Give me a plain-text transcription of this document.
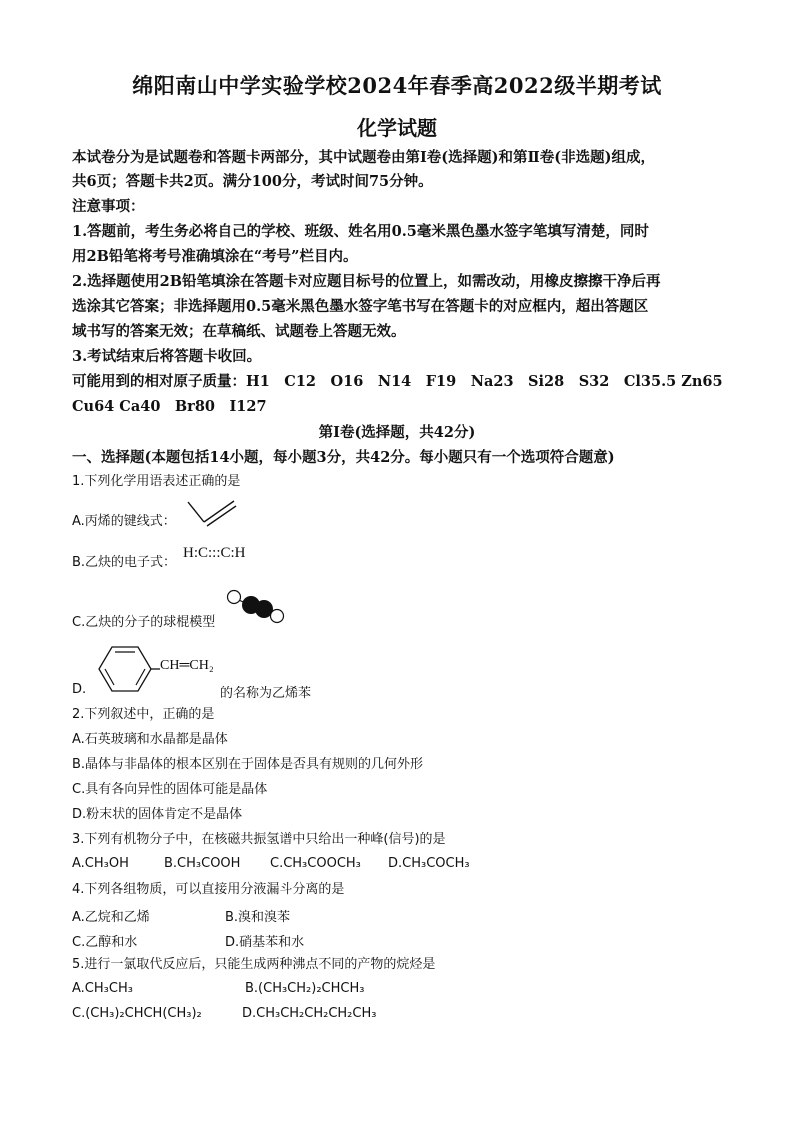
绵阳南山中学实验学校2024年春季高2022级半期考试
化学试题
本试卷分为是试题卷和答题卡两部分，其中试题卷由第Ⅰ卷(选择题)和第Ⅱ卷(非选题)组成，
共6页；答题卡共2页。满分100分，考试时间75分钟。
注意事项：
1.答题前，考生务必将自己的学校、班级、姓名用0.5毫米黑色墨水签字笔填写清楚，同时
用2B铅笔将考号准确填涂在“考号”栏目内。
2.选择题使用2B铅笔填涂在答题卡对应题目标号的位置上，如需改动，用橡皮擦擦干净后再
选涂其它答案；非选择题用0.5毫米黑色墨水签字笔书写在答题卡的对应框内，超出答题区
域书写的答案无效；在草稿纸、试题卷上答题无效。
3.考试结束后将答题卡收回。
可能用到的相对原子质量：H1　C12　O16　N14　F19　Na23　Si28　S32　Cl35.5 Zn65
Cu64 Ca40　Br80　I127
第Ⅰ卷(选择题，共42分)
一、选择题(本题包括14小题，每小题3分，共42分。每小题只有一个选项符合题意)
1.下列化学用语表述正确的是
A.丙烯的键线式：
B.乙炔的电子式：
H:C:::C:H
C.乙炔的分子的球棍模型
D.
CH═CH₂
的名称为乙烯苯
2.下列叙述中，正确的是
A.石英玻璃和水晶都是晶体
B.晶体与非晶体的根本区别在于固体是否具有规则的几何外形
C.具有各向异性的固体可能是晶体
D.粉末状的固体肯定不是晶体
3.下列有机物分子中，在核磁共振氢谱中只给出一种峰(信号)的是
A.CH₃OH	B.CH₃COOH C.CH₃COOCH₃ D.CH₃COCH₃
4.下列各组物质，可以直接用分液漏斗分离的是
A.乙烷和乙烯	B.溴和溴苯
C.乙醇和水	D.硝基苯和水
5.进行一氯取代反应后，只能生成两种沸点不同的产物的烷烃是
A.CH₃CH₃	B.(CH₃CH₂)₂CHCH₃
C.(CH₃)₂CHCH(CH₃)₂	D.CH₃CH₂CH₂CH₂CH₃
